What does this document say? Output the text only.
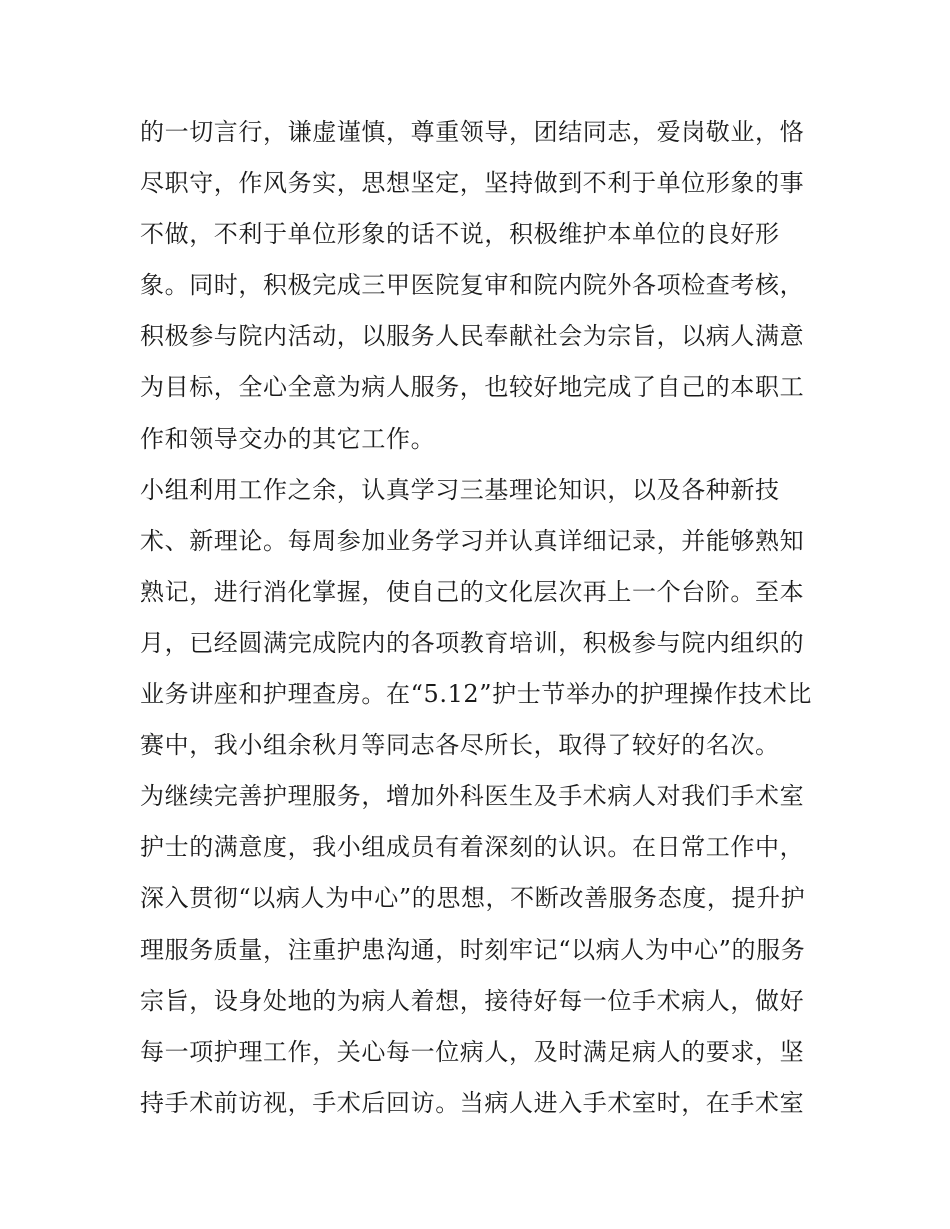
的一切言行，谦虚谨慎，尊重领导，团结同志，爱岗敬业，恪
尽职守，作风务实，思想坚定，坚持做到不利于单位形象的事
不做，不利于单位形象的话不说，积极维护本单位的良好形
象。同时，积极完成三甲医院复审和院内院外各项检查考核，
积极参与院内活动，以服务人民奉献社会为宗旨，以病人满意
为目标，全心全意为病人服务，也较好地完成了自己的本职工
作和领导交办的其它工作。
小组利用工作之余，认真学习三基理论知识，以及各种新技
术、新理论。每周参加业务学习并认真详细记录，并能够熟知
熟记，进行消化掌握，使自己的文化层次再上一个台阶。至本
月，已经圆满完成院内的各项教育培训，积极参与院内组织的
业务讲座和护理查房。在“5.12”护士节举办的护理操作技术比
赛中，我小组余秋月等同志各尽所长，取得了较好的名次。
为继续完善护理服务，增加外科医生及手术病人对我们手术室
护士的满意度，我小组成员有着深刻的认识。在日常工作中，
深入贯彻“以病人为中心”的思想，不断改善服务态度，提升护
理服务质量，注重护患沟通，时刻牢记“以病人为中心”的服务
宗旨，设身处地的为病人着想，接待好每一位手术病人，做好
每一项护理工作，关心每一位病人，及时满足病人的要求，坚
持手术前访视，手术后回访。当病人进入手术室时，在手术室
